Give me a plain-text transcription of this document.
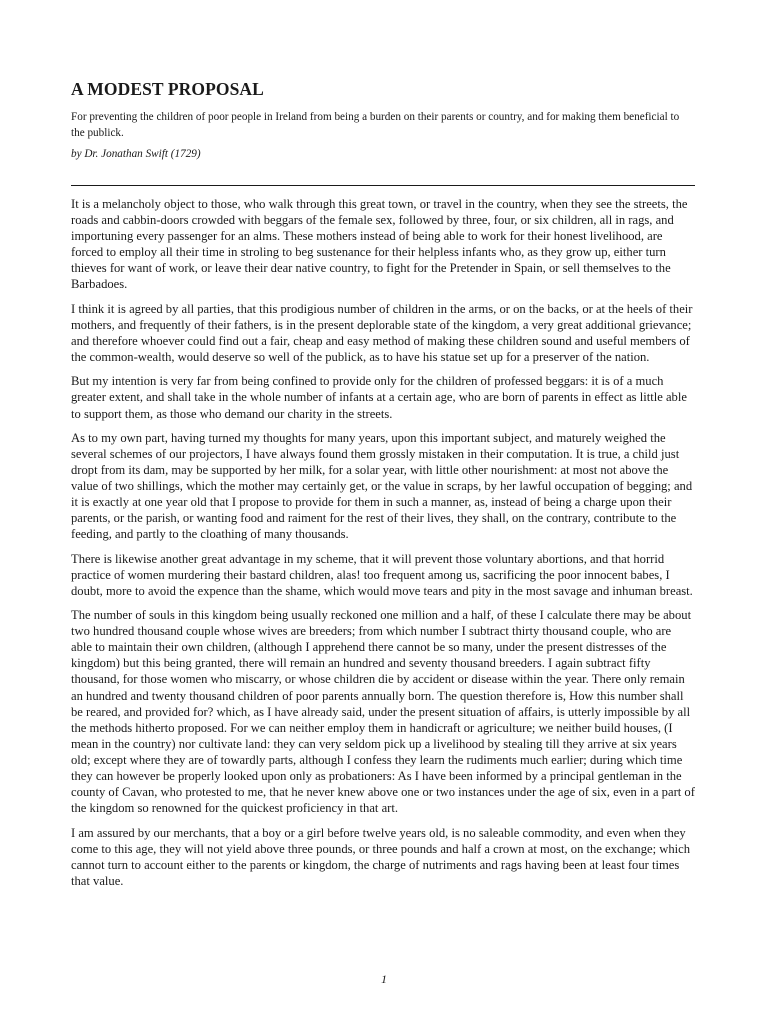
A MODEST PROPOSAL

For preventing the children of poor people in Ireland from being a burden on their parents or country, and for making them beneficial to the publick.

by Dr. Jonathan Swift (1729)

It is a melancholy object to those, who walk through this great town, or travel in the country, when they see the streets, the roads and cabbin-doors crowded with beggars of the female sex, followed by three, four, or six children, all in rags, and importuning every passenger for an alms. These mothers instead of being able to work for their honest livelihood, are forced to employ all their time in stroling to beg sustenance for their helpless infants who, as they grow up, either turn thieves for want of work, or leave their dear native country, to fight for the Pretender in Spain, or sell themselves to the Barbadoes.

I think it is agreed by all parties, that this prodigious number of children in the arms, or on the backs, or at the heels of their mothers, and frequently of their fathers, is in the present deplorable state of the kingdom, a very great additional grievance; and therefore whoever could find out a fair, cheap and easy method of making these children sound and useful members of the common-wealth, would deserve so well of the publick, as to have his statue set up for a preserver of the nation.

But my intention is very far from being confined to provide only for the children of professed beggars: it is of a much greater extent, and shall take in the whole number of infants at a certain age, who are born of parents in effect as little able to support them, as those who demand our charity in the streets.

As to my own part, having turned my thoughts for many years, upon this important subject, and maturely weighed the several schemes of our projectors, I have always found them grossly mistaken in their computation. It is true, a child just dropt from its dam, may be supported by her milk, for a solar year, with little other nourishment: at most not above the value of two shillings, which the mother may certainly get, or the value in scraps, by her lawful occupation of begging; and it is exactly at one year old that I propose to provide for them in such a manner, as, instead of being a charge upon their parents, or the parish, or wanting food and raiment for the rest of their lives, they shall, on the contrary, contribute to the feeding, and partly to the cloathing of many thousands.

There is likewise another great advantage in my scheme, that it will prevent those voluntary abortions, and that horrid practice of women murdering their bastard children, alas! too frequent among us, sacrificing the poor innocent babes, I doubt, more to avoid the expence than the shame, which would move tears and pity in the most savage and inhuman breast.

The number of souls in this kingdom being usually reckoned one million and a half, of these I calculate there may be about two hundred thousand couple whose wives are breeders; from which number I subtract thirty thousand couple, who are able to maintain their own children, (although I apprehend there cannot be so many, under the present distresses of the kingdom) but this being granted, there will remain an hundred and seventy thousand breeders. I again subtract fifty thousand, for those women who miscarry, or whose children die by accident or disease within the year. There only remain an hundred and twenty thousand children of poor parents annually born. The question therefore is, How this number shall be reared, and provided for? which, as I have already said, under the present situation of affairs, is utterly impossible by all the methods hitherto proposed. For we can neither employ them in handicraft or agriculture; we neither build houses, (I mean in the country) nor cultivate land: they can very seldom pick up a livelihood by stealing till they arrive at six years old; except where they are of towardly parts, although I confess they learn the rudiments much earlier; during which time they can however be properly looked upon only as probationers: As I have been informed by a principal gentleman in the county of Cavan, who protested to me, that he never knew above one or two instances under the age of six, even in a part of the kingdom so renowned for the quickest proficiency in that art.

I am assured by our merchants, that a boy or a girl before twelve years old, is no saleable commodity, and even when they come to this age, they will not yield above three pounds, or three pounds and half a crown at most, on the exchange; which cannot turn to account either to the parents or kingdom, the charge of nutriments and rags having been at least four times that value.

1
